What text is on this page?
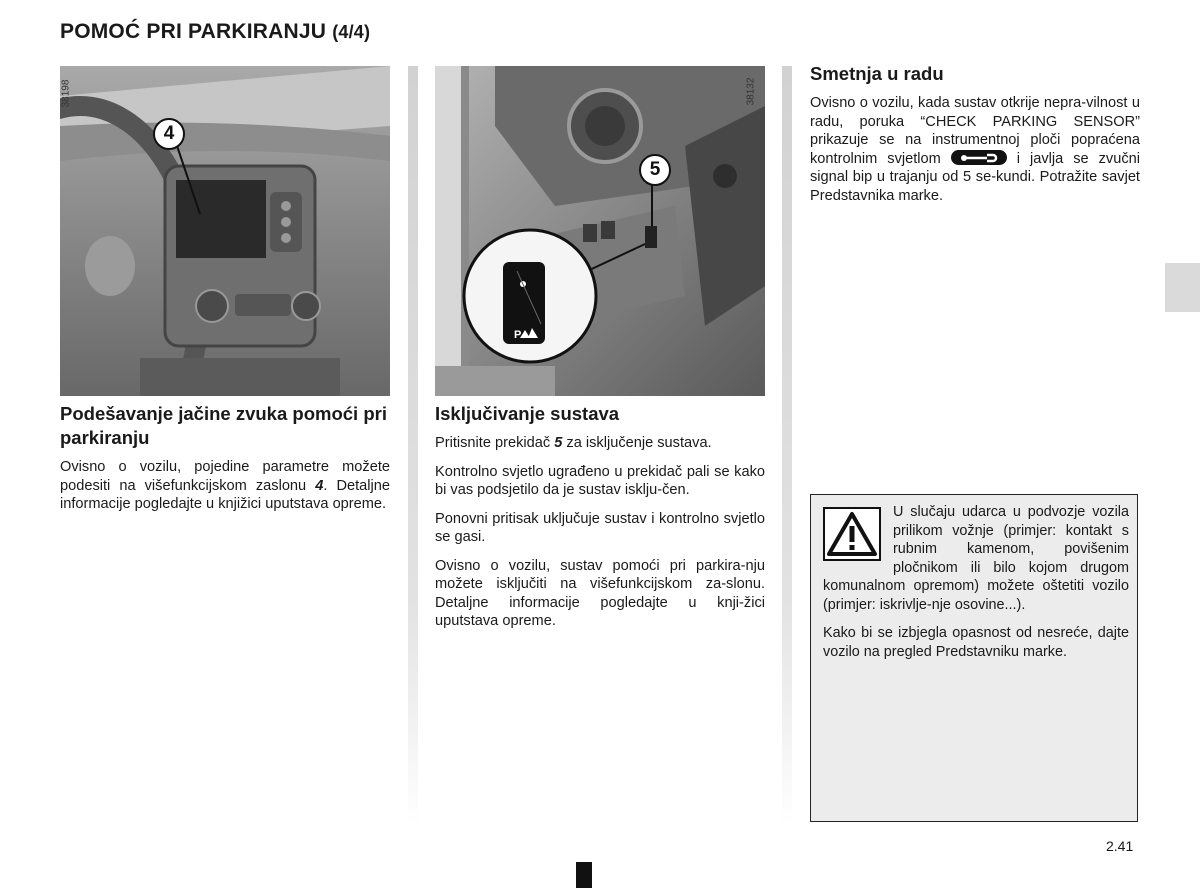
POMOĆ PRI PARKIRANJU (4/4)
38198
4
P
38132
5
Podešavanje jačine zvuka pomoći pri parkiranju

Ovisno o vozilu, pojedine parametre možete podesiti na višefunkcijskom zaslonu 4. Detaljne informacije pogledajte u knjižici uputstava opreme.

Isključivanje sustava

Pritisnite prekidač 5 za isključenje sustava.

Kontrolno svjetlo ugrađeno u prekidač pali se kako bi vas podsjetilo da je sustav isklju-čen.

Ponovni pritisak uključuje sustav i kontrolno svjetlo se gasi.

Ovisno o vozilu, sustav pomoći pri parkira-nju možete isključiti na višefunkcijskom za-slonu. Detaljne informacije pogledajte u knji-žici uputstava opreme.

Smetnja u radu

Ovisno o vozilu, kada sustav otkrije nepra-vilnost u radu, poruka “CHECK PARKING SENSOR” prikazuje se na instrumentnoj ploči popraćena kontrolnim svjetlom	i javlja se zvučni signal bip u trajanju od 5 se-kundi. Potražite savjet Predstavnika marke.

U slučaju udarca u podvozje vozila prilikom vožnje (primjer: kontakt s rubnim kamenom, povišenim pločnikom ili bilo kojom drugom komunalnom opremom) možete oštetiti vozilo (primjer: iskrivlje-nje osovine...).

Kako bi se izbjegla opasnost od nesreće, dajte vozilo na pregled Predstavniku marke.

2.41
